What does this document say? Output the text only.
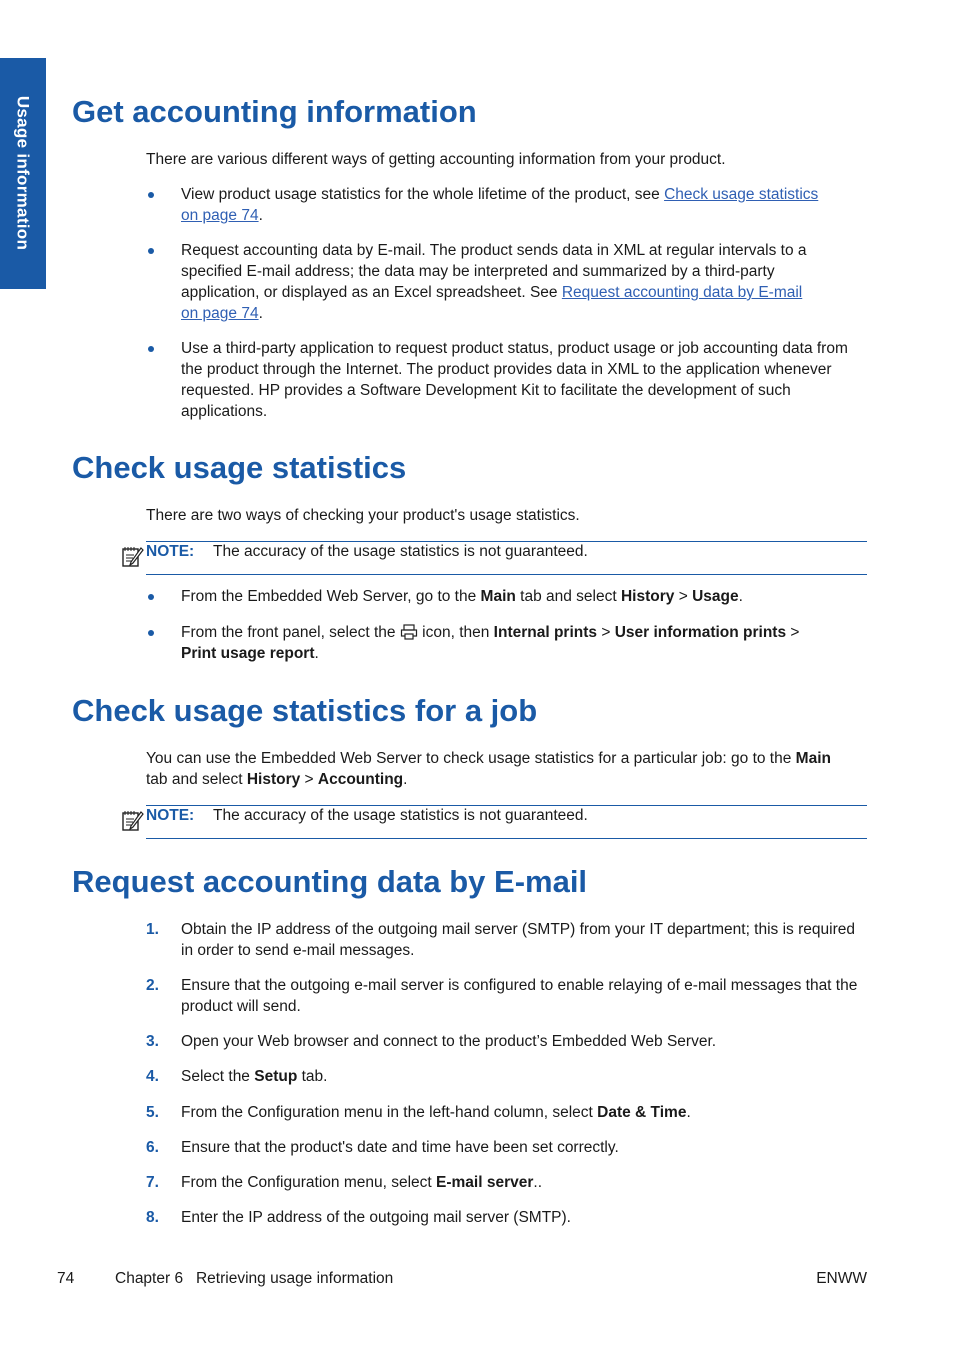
Usage information Get accounting information

There are various different ways of getting accounting information from your product.

View product usage statistics for the whole lifetime of the product, see Check usage statistics
on page 74.
Request accounting data by E-mail. The product sends data in XML at regular intervals to a specified E-mail address; the data may be interpreted and summarized by a third-party application, or displayed as an Excel spreadsheet. See Request accounting data by E-mail
on page 74.
Use a third-party application to request product status, product usage or job accounting data from the product through the Internet. The product provides data in XML to the application whenever requested. HP provides a Software Development Kit to facilitate the development of such applications.
Check usage statistics

There are two ways of checking your product's usage statistics.

NOTE: The accuracy of the usage statistics is not guaranteed.
From the Embedded Web Server, go to the Main tab and select History > Usage.
From the front panel, select the  icon, then Internal prints > User information prints >
Print usage report.
Check usage statistics for a job

You can use the Embedded Web Server to check usage statistics for a particular job: go to the Main
tab and select History > Accounting.

NOTE: The accuracy of the usage statistics is not guaranteed.
Request accounting data by E-mail
1. Obtain the IP address of the outgoing mail server (SMTP) from your IT department; this is required in order to send e-mail messages.
2. Ensure that the outgoing e-mail server is configured to enable relaying of e-mail messages that the product will send.
3. Open your Web browser and connect to the product’s Embedded Web Server.
4. Select the Setup tab.
5. From the Configuration menu in the left-hand column, select Date & Time.
6. Ensure that the product's date and time have been set correctly.
7. From the Configuration menu, select E-mail server..
8. Enter the IP address of the outgoing mail server (SMTP).
74	Chapter 6   Retrieving usage information	ENWW
